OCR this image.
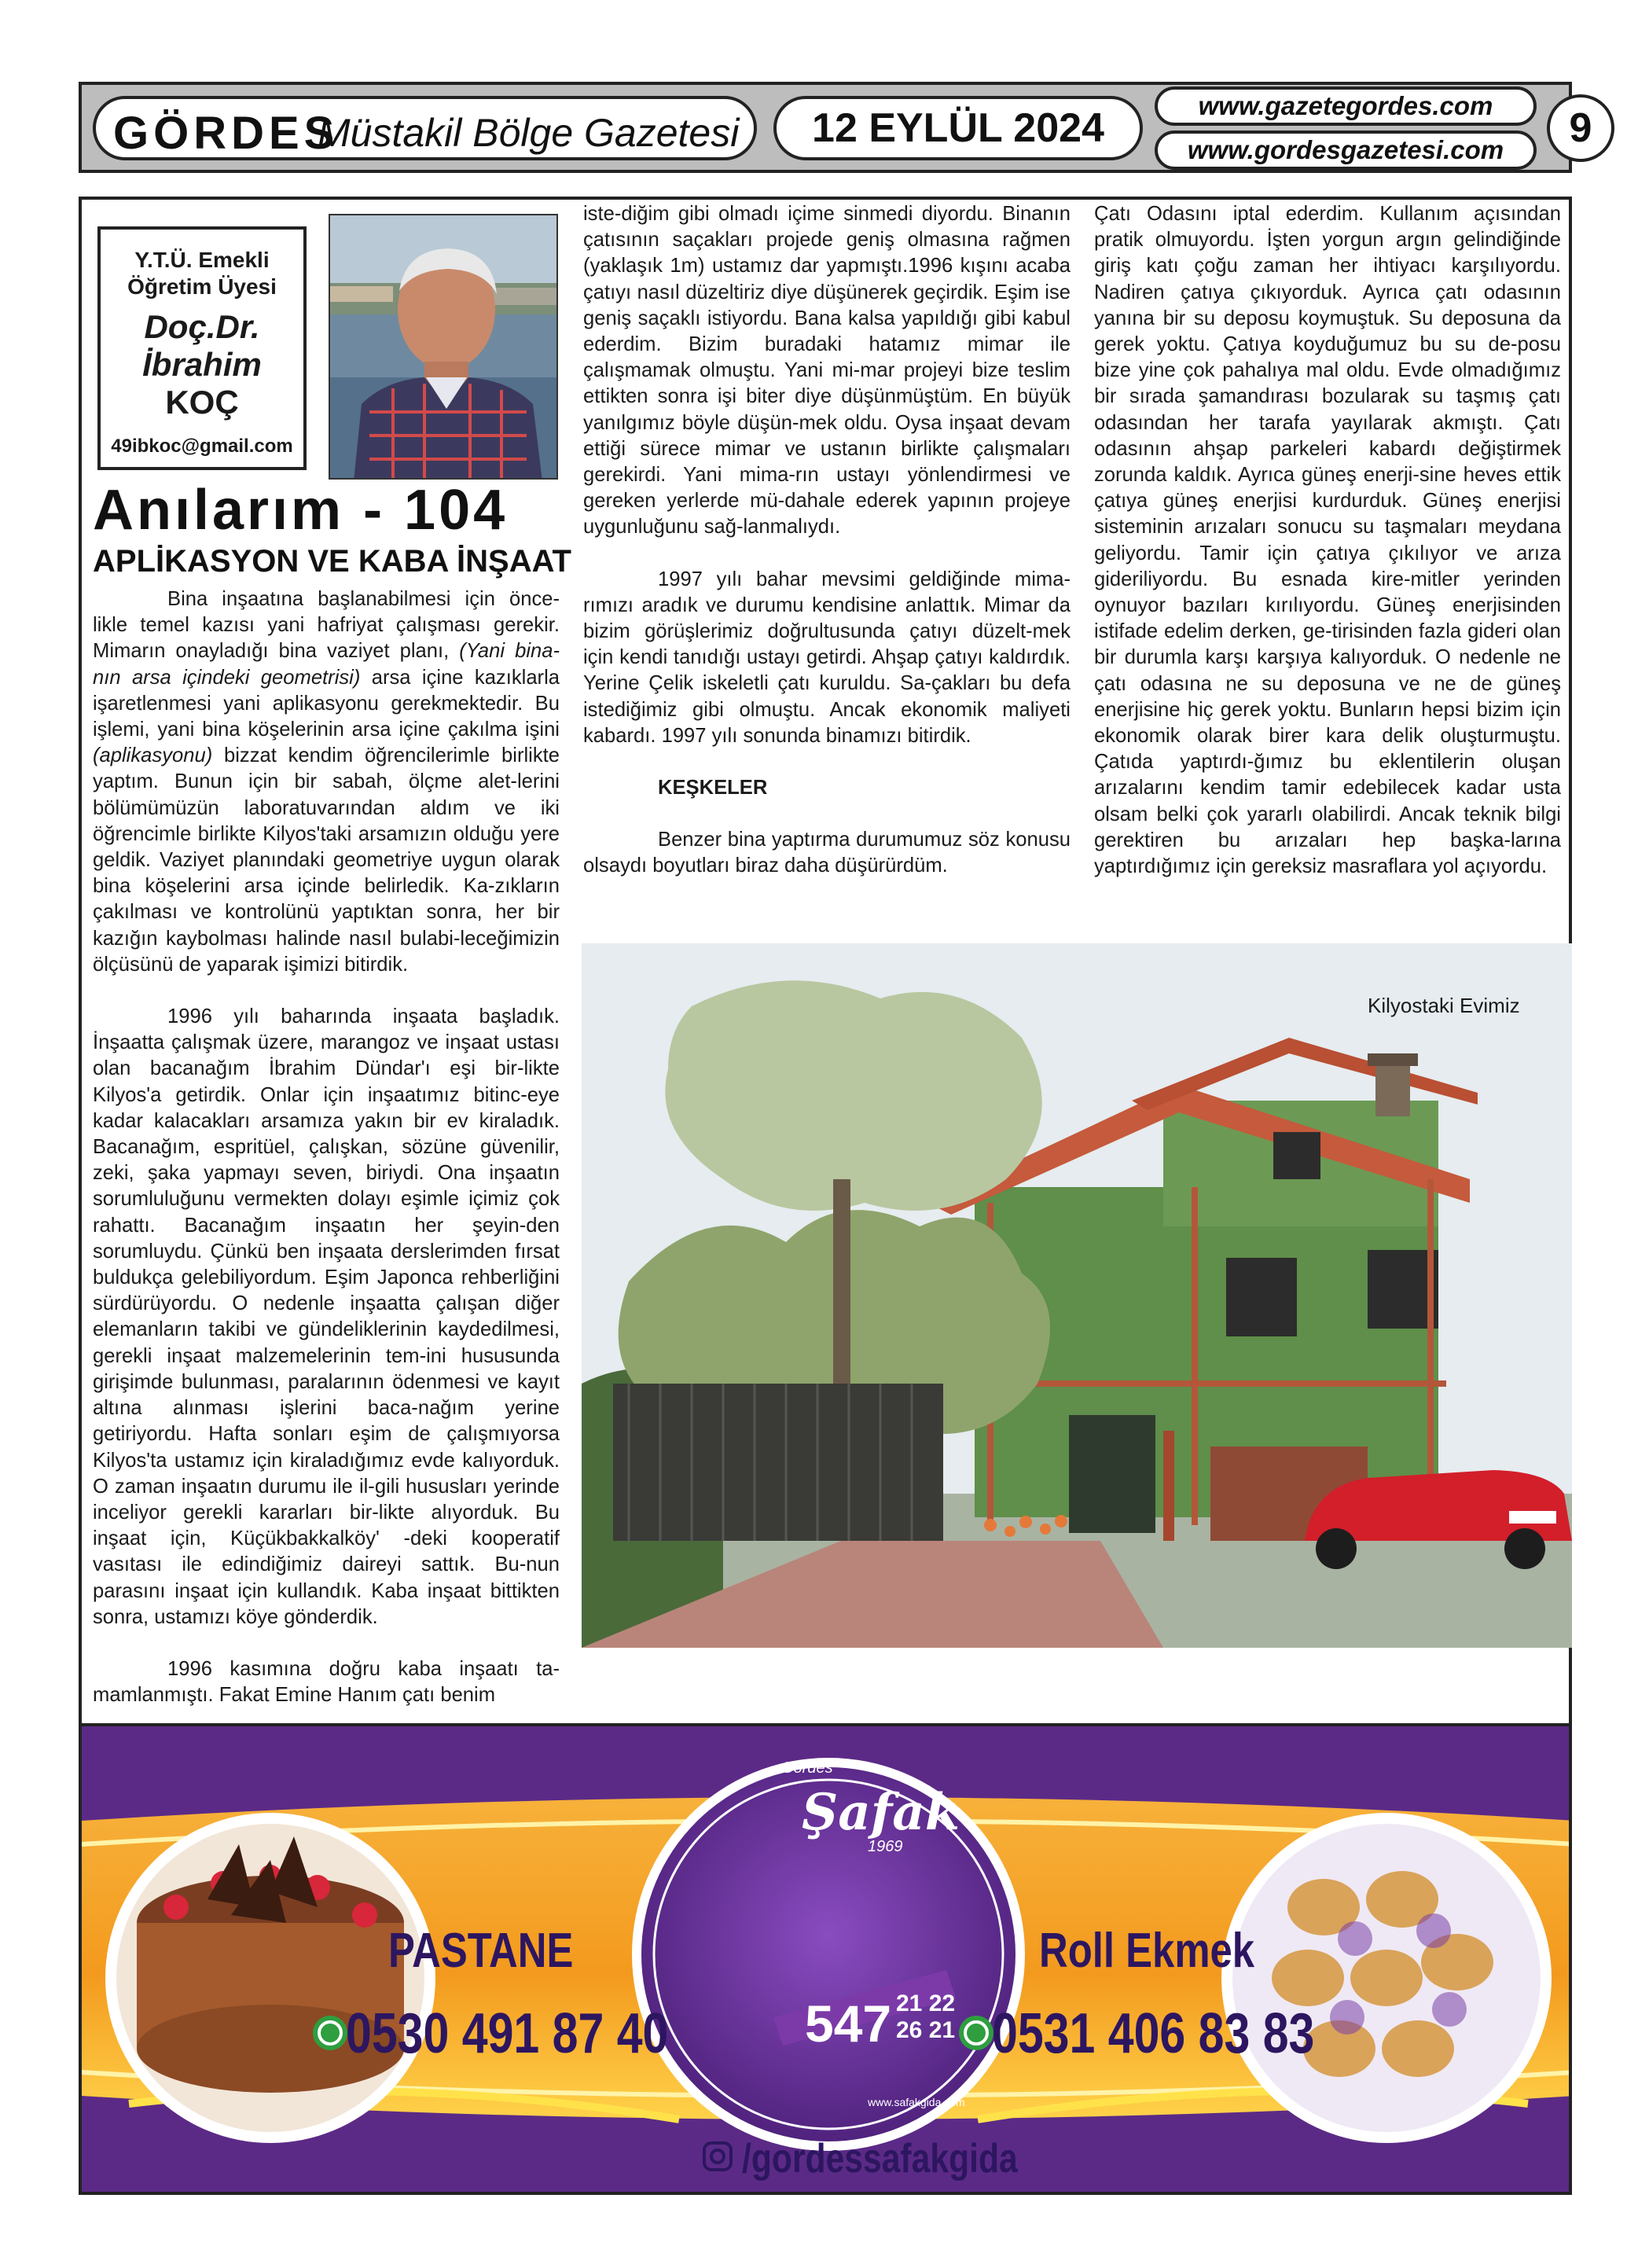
GÖRDES
Müstakil Bölge Gazetesi	12 EYLÜL 2024	www.gazetegordes.com
www.gordesgazetesi.com	9
Y.T.Ü. Emekli
Öğretim Üyesi
Doç.Dr.
İbrahim
KOÇ
49ibkoc@gmail.com
Anılarım - 104
APLİKASYON VE KABA İNŞAAT

Bina inşaatına başlanabilmesi için önce-likle temel kazısı yani hafriyat çalışması gerekir. Mimarın onayladığı bina vaziyet planı, (Yani bina-nın arsa içindeki geometrisi) arsa içine kazıklarla işaretlenmesi yani aplikasyonu gerekmektedir. Bu işlemi, yani bina köşelerinin arsa içine çakılma işini (aplikasyonu) bizzat kendim öğrencilerimle birlikte yaptım. Bunun için bir sabah, ölçme alet-lerini bölümümüzün laboratuvarından aldım ve iki öğrencimle birlikte Kilyos'taki arsamızın olduğu yere geldik. Vaziyet planındaki geometriye uygun olarak bina köşelerini arsa içinde belirledik. Ka-zıkların çakılması ve kontrolünü yaptıktan sonra, her bir kazığın kaybolması halinde nasıl bulabi-leceğimizin ölçüsünü de yaparak işimizi bitirdik.

1996 yılı baharında inşaata başladık. İnşaatta çalışmak üzere, marangoz ve inşaat ustası olan bacanağım İbrahim Dündar'ı eşi bir-likte Kilyos'a getirdik. Onlar için inşaatımız bitinc-eye kadar kalacakları arsamıza yakın bir ev kiraladık. Bacanağım, espritüel, çalışkan, sözüne güvenilir, zeki, şaka yapmayı seven, biriydi. Ona inşaatın sorumluluğunu vermekten dolayı eşimle içimiz çok rahattı. Bacanağım inşaatın her şeyin-den sorumluydu. Çünkü ben inşaata derslerimden fırsat buldukça gelebiliyordum. Eşim Japonca rehberliğini sürdürüyordu. O nedenle inşaatta çalışan diğer elemanların takibi ve gündeliklerinin kaydedilmesi, gerekli inşaat malzemelerinin tem-ini hususunda girişimde bulunması, paralarının ödenmesi ve kayıt altına alınması işlerini baca-nağım yerine getiriyordu. Hafta sonları eşim de çalışmıyorsa Kilyos'ta ustamız için kiraladığımız evde kalıyorduk. O zaman inşaatın durumu ile il-gili hususları yerinde inceliyor gerekli kararları bir-likte alıyorduk. Bu inşaat için, Küçükbakkalköy' -deki kooperatif vasıtası ile edindiğimiz daireyi sattık. Bu-nun parasını inşaat için kullandık. Kaba inşaat bittikten sonra, ustamızı köye gönderdik.

1996 kasımına doğru kaba inşaatı ta-mamlanmıştı. Fakat Emine Hanım çatı benim

iste-diğim gibi olmadı içime sinmedi diyordu. Binanın çatısının saçakları projede geniş olmasına rağmen (yaklaşık 1m) ustamız dar yapmıştı.1996 kışını acaba çatıyı nasıl düzeltiriz diye düşünerek geçirdik. Eşim ise geniş saçaklı istiyordu. Bana kalsa yapıldığı gibi kabul ederdim. Bizim buradaki hatamız mimar ile çalışmamak olmuştu. Yani mi-mar projeyi bize teslim ettikten sonra işi biter diye düşünmüştüm. En büyük yanılgımız böyle düşün-mek oldu. Oysa inşaat devam ettiği sürece mimar ve ustanın birlikte çalışmaları gerekirdi. Yani mima-rın ustayı yönlendirmesi ve gereken yerlerde mü-dahale ederek yapının projeye uygunluğunu sağ-lanmalıydı.

1997 yılı bahar mevsimi geldiğinde mima-rımızı aradık ve durumu kendisine anlattık. Mimar da bizim görüşlerimiz doğrultusunda çatıyı düzelt-mek için kendi tanıdığı ustayı getirdi. Ahşap çatıyı kaldırdık. Yerine Çelik iskeletli çatı kuruldu. Sa-çakları bu defa istediğimiz gibi olmuştu. Ancak ekonomik maliyeti kabardı. 1997 yılı sonunda binamızı bitirdik.

KEŞKELER

Benzer bina yaptırma durumumuz söz konusu olsaydı boyutları biraz daha düşürürdüm.

Çatı Odasını iptal ederdim. Kullanım açısından pratik olmuyordu. İşten yorgun argın gelindiğinde giriş katı çoğu zaman her ihtiyacı karşılıyordu. Nadiren çatıya çıkıyorduk. Ayrıca çatı odasının yanına bir su deposu koymuştuk. Su deposuna da gerek yoktu. Çatıya koyduğumuz bu su de-posu bize yine çok pahalıya mal oldu. Evde olmadığımız bir sırada şamandırası bozularak su taşmış çatı odasından her tarafa yayılarak akmıştı. Çatı odasının ahşap parkeleri kabardı değiştirmek zorunda kaldık. Ayrıca güneş enerji-sine heves ettik çatıya güneş enerjisi kurdurduk. Güneş enerjisi sisteminin arızaları sonucu su taşmaları meydana geliyordu. Tamir için çatıya çıkılıyor ve arıza gideriliyordu. Bu esnada kire-mitler yerinden oynuyor bazıları kırılıyordu. Güneş enerjisinden istifade edelim derken, ge-tirisinden fazla gideri olan bir durumla karşı karşıya kalıyorduk. O nedenle ne çatı odasına ne su deposuna ve ne de güneş enerjisine hiç gerek yoktu. Bunların hepsi bizim için ekonomik olarak birer kara delik oluşturmuştu. Çatıda yaptırdı-ğımız bu eklentilerin oluşan arızalarını kendim tamir edebilecek kadar usta olsam belki çok yararlı olabilirdi. Ancak teknik bilgi gerektiren bu arızaları hep başka-larına yaptırdığımız için gereksiz masraflara yol açıyordu.

Kilyostaki Evimiz
Gördes
Şafak
1969
PASTANE
0530 491 87 40
Roll Ekmek
0531 406 83 83
547 21 22
26 21
www.safakgida.com
/gordessafakgida
